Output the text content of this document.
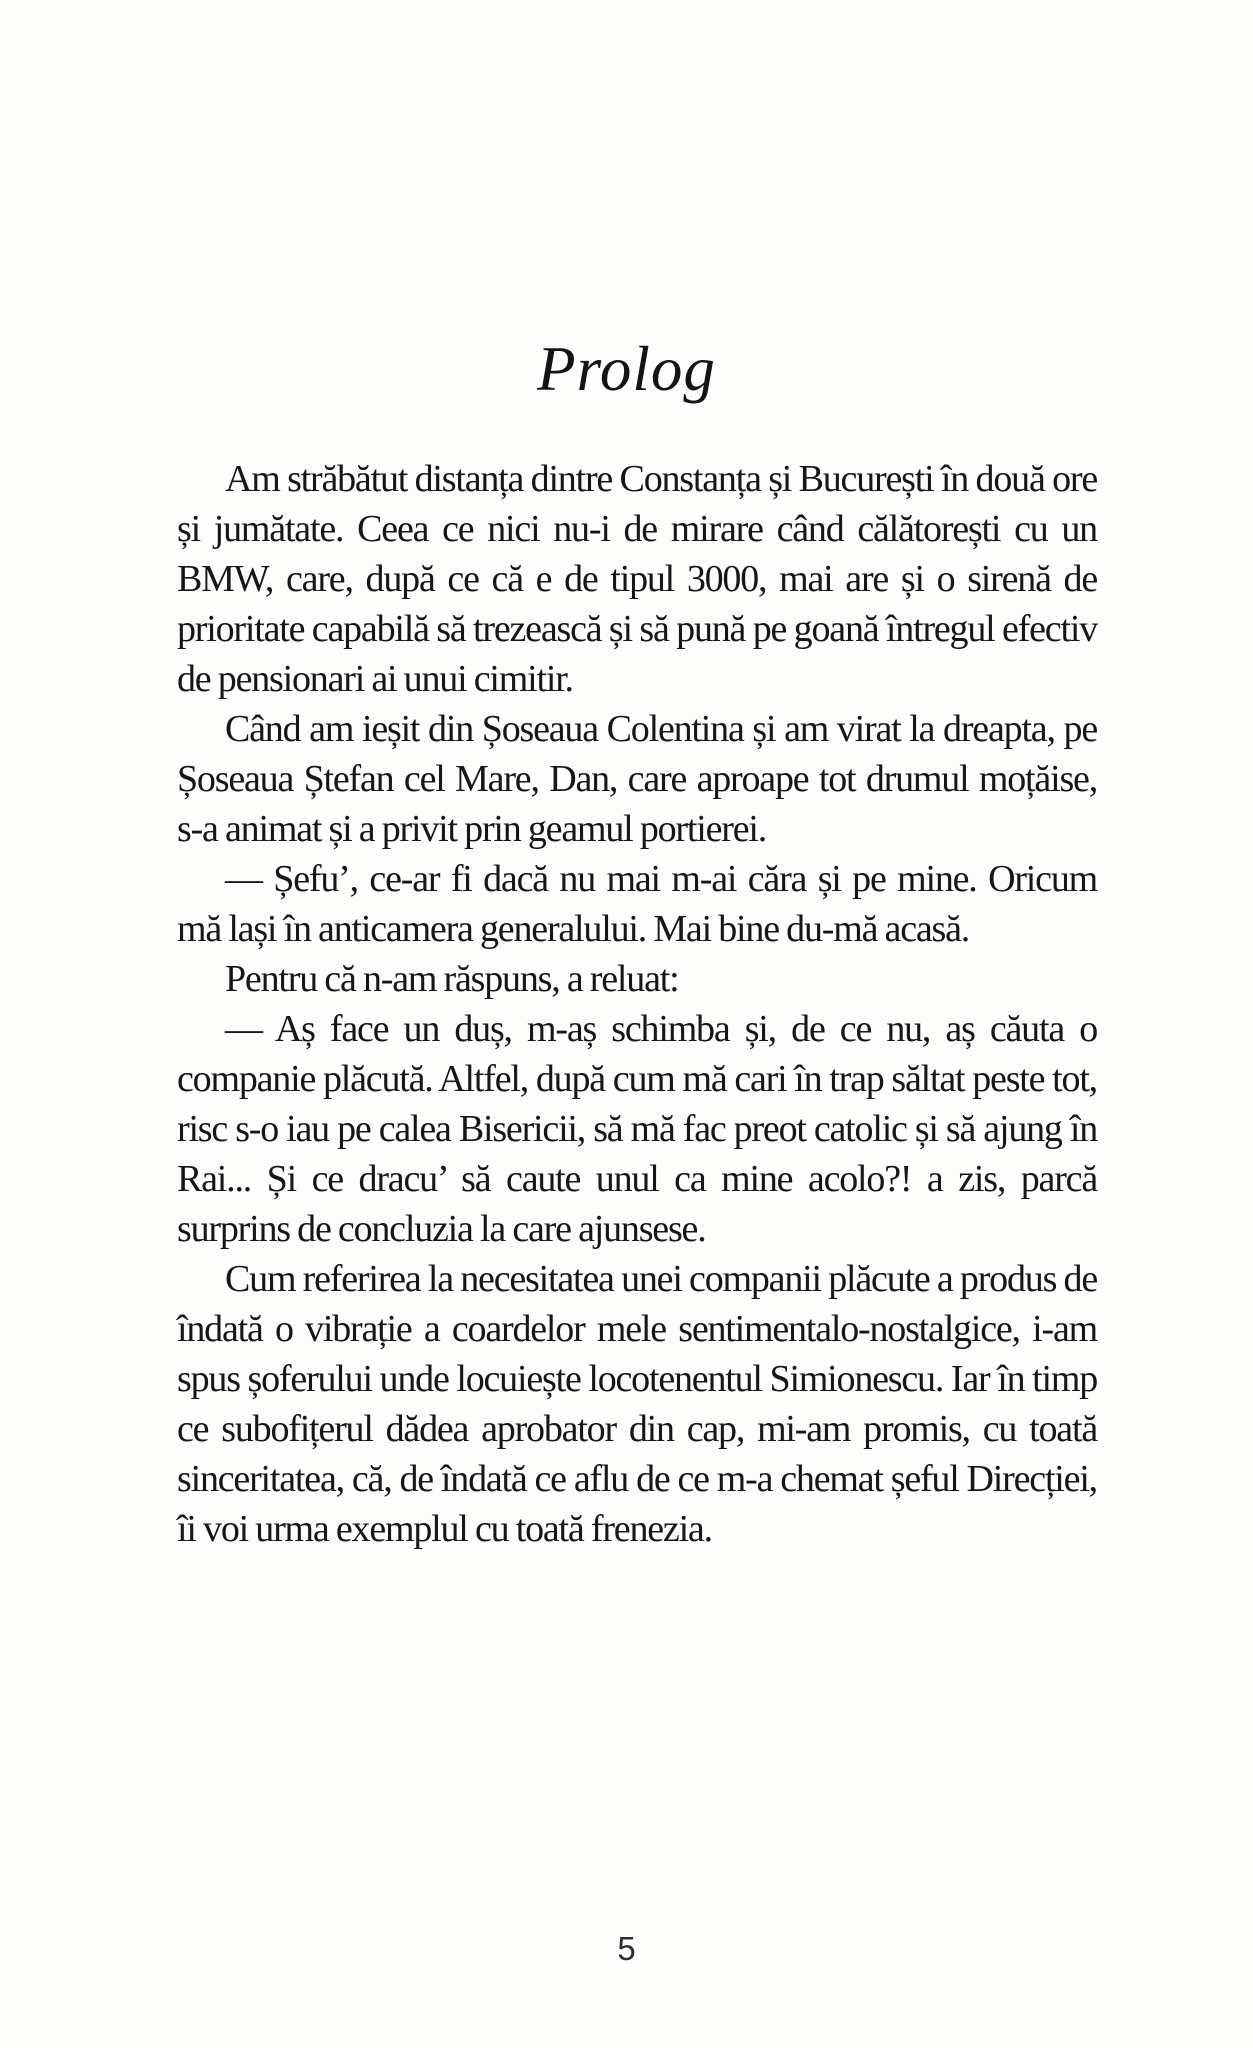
Prolog

Am străbătut distanța dintre Constanța și București în două ore și jumătate. Ceea ce nici nu-i de mirare când călătorești cu un BMW, care, după ce că e de tipul 3000, mai are și o sirenă de prioritate capabilă să trezească și să pună pe goană întregul efectiv de pensionari ai unui cimitir.

Când am ieșit din Șoseaua Colentina și am virat la dreapta, pe Șoseaua Ștefan cel Mare, Dan, care aproape tot drumul moțăise, s-a animat și a privit prin geamul portierei.

— Șefu’, ce-ar fi dacă nu mai m-ai căra și pe mine. Oricum mă lași în anticamera generalului. Mai bine du-mă acasă.

Pentru că n-am răspuns, a reluat:

— Aș face un duș, m-aș schimba și, de ce nu, aș căuta o companie plăcută. Altfel, după cum mă cari în trap săltat peste tot, risc s-o iau pe calea Bisericii, să mă fac preot catolic și să ajung în Rai... Și ce dracu’ să caute unul ca mine acolo?! a zis, parcă surprins de concluzia la care ajunsese.

Cum referirea la necesitatea unei companii plăcute a produs de îndată o vibrație a coardelor mele sentimentalo-nostalgice, i-am spus șoferului unde locuiește locotenentul Simionescu. Iar în timp ce subofițerul dădea aprobator din cap, mi-am promis, cu toată sinceritatea, că, de îndată ce aflu de ce m-a chemat șeful Direcției, îi voi urma exemplul cu toată frenezia.

5
